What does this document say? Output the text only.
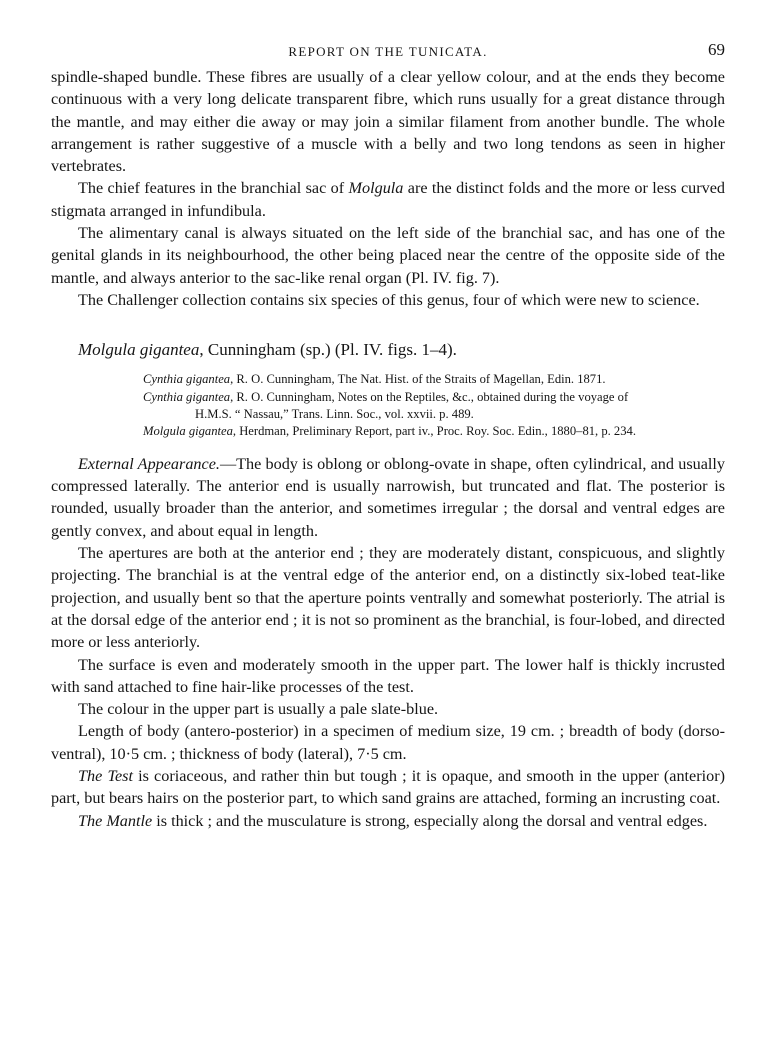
REPORT ON THE TUNICATA.	69

spindle-shaped bundle. These fibres are usually of a clear yellow colour, and at the ends they become continuous with a very long delicate transparent fibre, which runs usually for a great distance through the mantle, and may either die away or may join a similar filament from another bundle. The whole arrangement is rather suggestive of a muscle with a belly and two long tendons as seen in higher vertebrates.

The chief features in the branchial sac of Molgula are the distinct folds and the more or less curved stigmata arranged in infundibula.

The alimentary canal is always situated on the left side of the branchial sac, and has one of the genital glands in its neighbourhood, the other being placed near the centre of the opposite side of the mantle, and always anterior to the sac-like renal organ (Pl. IV. fig. 7).

The Challenger collection contains six species of this genus, four of which were new to science.

Molgula gigantea, Cunningham (sp.) (Pl. IV. figs. 1–4).
Cynthia gigantea, R. O. Cunningham, The Nat. Hist. of the Straits of Magellan, Edin. 1871.
Cynthia gigantea, R. O. Cunningham, Notes on the Reptiles, &c., obtained during the voyage of
H.M.S. “ Nassau,” Trans. Linn. Soc., vol. xxvii. p. 489.
Molgula gigantea, Herdman, Preliminary Report, part iv., Proc. Roy. Soc. Edin., 1880–81, p. 234.

External Appearance.—The body is oblong or oblong-ovate in shape, often cylindrical, and usually compressed laterally. The anterior end is usually narrowish, but truncated and flat. The posterior is rounded, usually broader than the anterior, and sometimes irregular ; the dorsal and ventral edges are gently convex, and about equal in length.

The apertures are both at the anterior end ; they are moderately distant, conspicuous, and slightly projecting. The branchial is at the ventral edge of the anterior end, on a distinctly six-lobed teat-like projection, and usually bent so that the aperture points ventrally and somewhat posteriorly. The atrial is at the dorsal edge of the anterior end ; it is not so prominent as the branchial, is four-lobed, and directed more or less anteriorly.

The surface is even and moderately smooth in the upper part. The lower half is thickly incrusted with sand attached to fine hair-like processes of the test.

The colour in the upper part is usually a pale slate-blue.

Length of body (antero-posterior) in a specimen of medium size, 19 cm. ; breadth of body (dorso-ventral), 10·5 cm. ; thickness of body (lateral), 7·5 cm.

The Test is coriaceous, and rather thin but tough ; it is opaque, and smooth in the upper (anterior) part, but bears hairs on the posterior part, to which sand grains are attached, forming an incrusting coat.

The Mantle is thick ; and the musculature is strong, especially along the dorsal and ventral edges.
